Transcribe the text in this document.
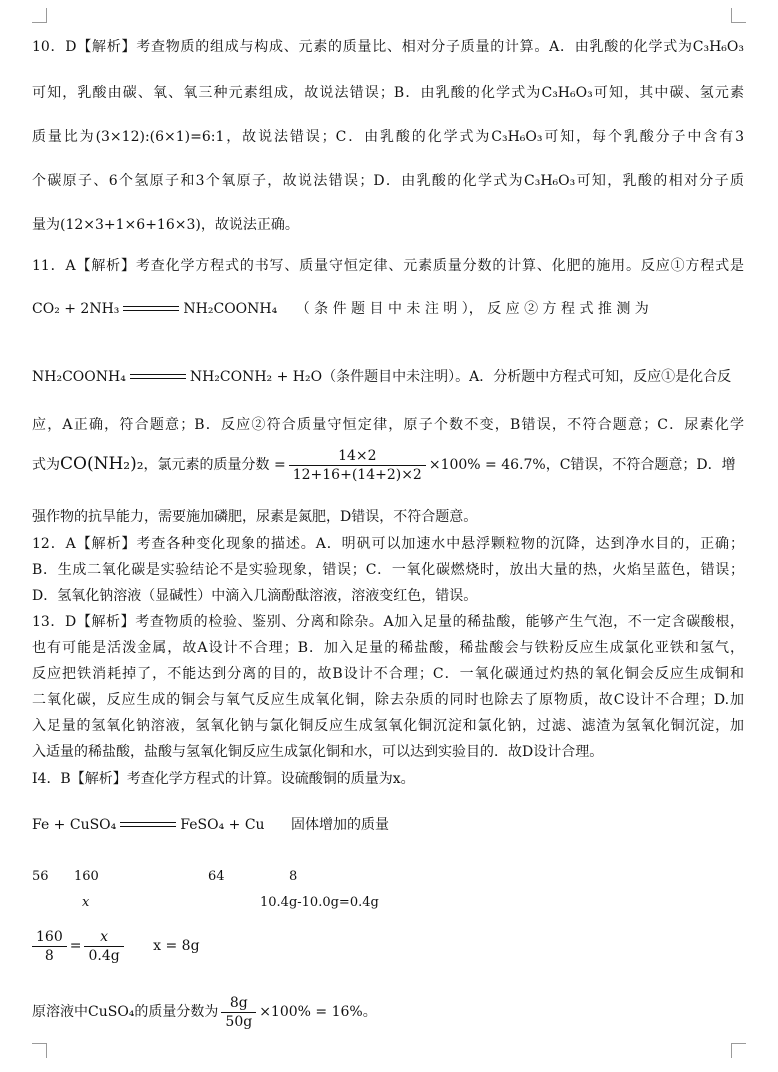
10．D【解析】考查物质的组成与构成、元素的质量比、相对分子质量的计算。A．由乳酸的化学式为C₃H₆O₃
可知，乳酸由碳、氧、氧三种元素组成，故说法错误；B．由乳酸的化学式为C₃H₆O₃可知，其中碳、氢元素
质量比为(3×12):(6×1)=6:1，故说法错误；C．由乳酸的化学式为C₃H₆O₃可知，每个乳酸分子中含有3
个碳原子、6个氢原子和3个氧原子，故说法错误；D．由乳酸的化学式为C₃H₆O₃可知，乳酸的相对分子质
量为(12×3+1×6+16×3)，故说法正确。
11．A【解析】考查化学方程式的书写、质量守恒定律、元素质量分数的计算、化肥的施用。反应①方程式是
CO₂ + 2NH₃	NH₂COONH₄ （ 条 件 题 目 中 未 注 明 ）， 反 应 ② 方 程 式 推 测 为
NH₂COONH₄	NH₂CONH₂ + H₂O（条件题目中未注明）。A．分析题中方程式可知，反应①是化合反
应，A正确，符合题意；B．反应②符合质量守恒定律，原子个数不变，B错误，不符合题意；C．尿素化学
式为CO(NH₂)₂，氯元素的质量分数 = $\frac{14\times 2}{12+16+(14+2)\times 2} \times 100\% = 46.7\%$，C错误，不符合题意；D．增
强作物的抗旱能力，需要施加磷肥，尿素是氮肥，D错误，不符合题意。
12．A【解析】考查各种变化现象的描述。A．明矾可以加速水中悬浮颗粒物的沉降，达到净水目的，正确；
B．生成二氧化碳是实验结论不是实验现象，错误；C．一氧化碳燃烧时，放出大量的热，火焰呈蓝色，错误；
D．氢氧化钠溶液（显碱性）中滴入几滴酚酞溶液，溶液变红色，错误。
13．D【解析】考查物质的检验、鉴别、分离和除杂。A加入足量的稀盐酸，能够产生气泡，不一定含碳酸根，
也有可能是活泼金属，故A设计不合理；B．加入足量的稀盐酸，稀盐酸会与铁粉反应生成氯化亚铁和氢气，
反应把铁消耗掉了，不能达到分离的目的，故B设计不合理；C．一氧化碳通过灼热的氧化铜会反应生成铜和
二氧化碳，反应生成的铜会与氧气反应生成氧化铜，除去杂质的同时也除去了原物质，故C设计不合理；D.加
入足量的氢氧化钠溶液，氢氧化钠与氯化铜反应生成氢氧化铜沉淀和氯化钠，过滤、滤渣为氢氧化铜沉淀，加
入适量的稀盐酸，盐酸与氢氧化铜反应生成氯化铜和水，可以达到实验目的．故D设计合理。
I4．B【解析】考查化学方程式的计算。设硫酸铜的质量为x。
Fe + CuSO₄	FeSO₄ + Cu 固体增加的质量
56 160	64	8
x	10.4g-10.0g=0.4g
$\frac{160}{8} = \frac{x}{0.4g}$ x = 8g
原溶液中CuSO₄的质量分数为 $\frac{8g}{50g} \times 100\% = 16\%$。
